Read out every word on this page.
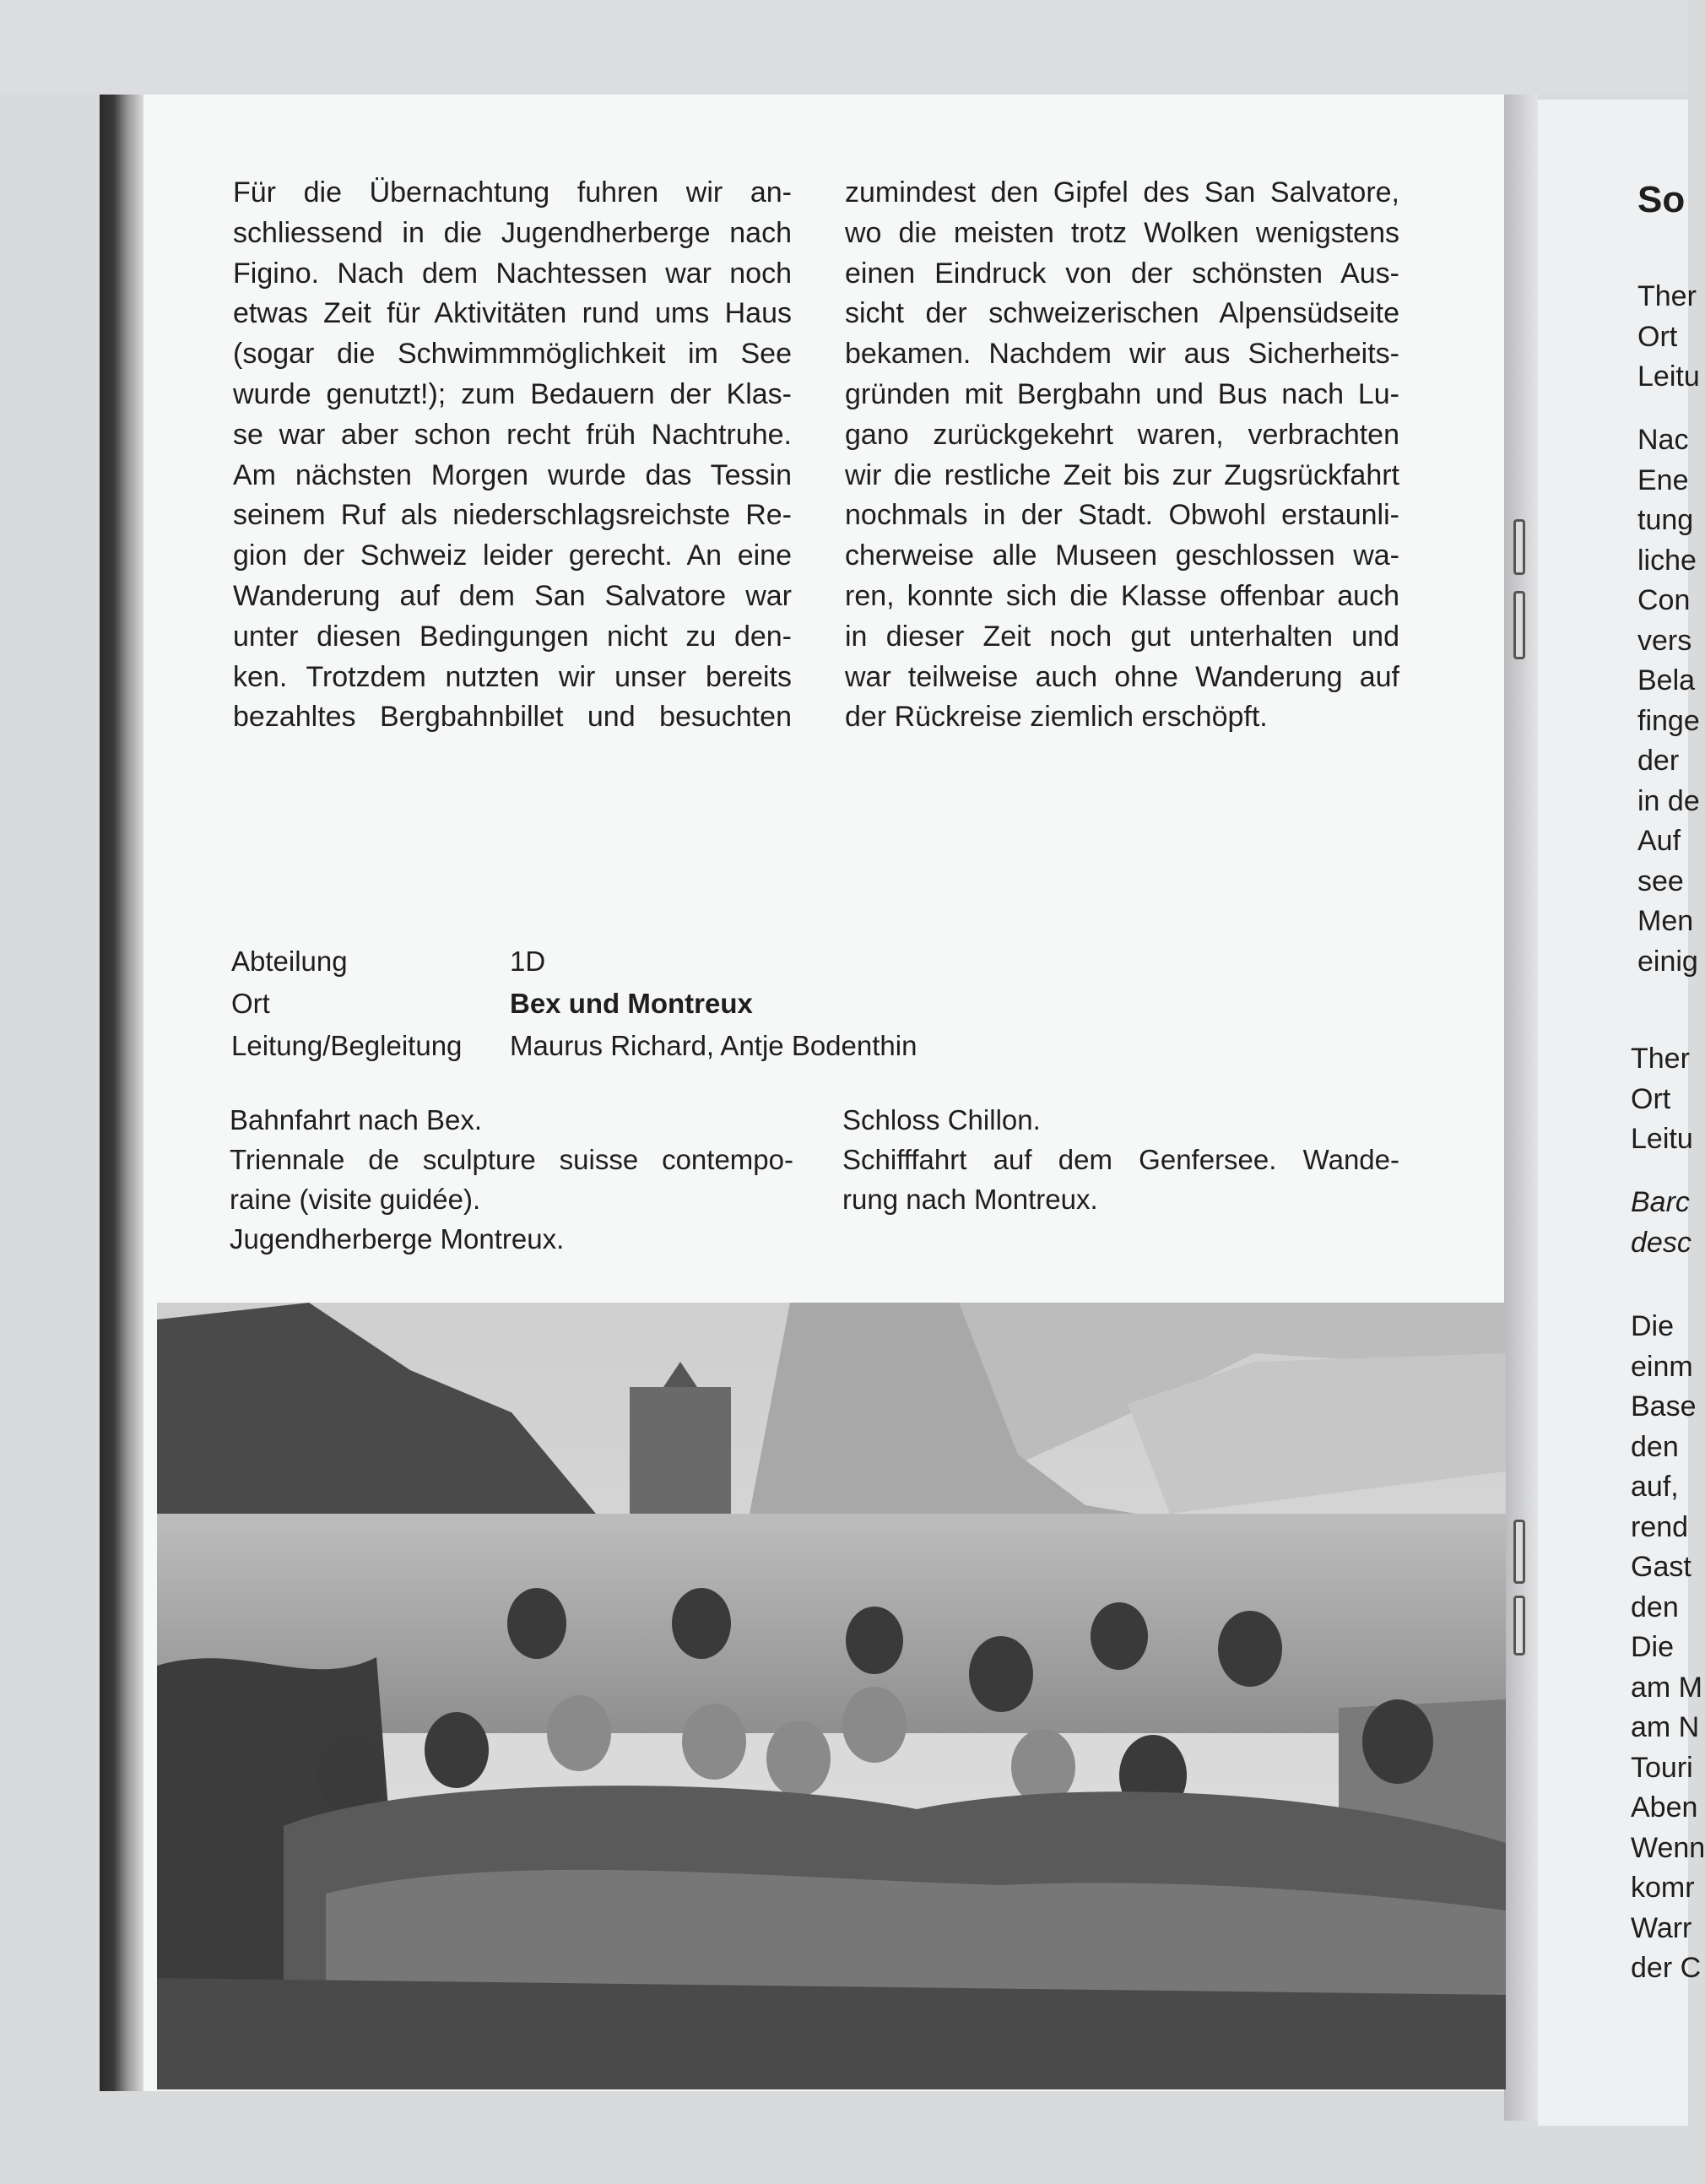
Für die Übernachtung fuhren wir an-
schliessend in die Jugendherberge nach
Figino. Nach dem Nachtessen war noch
etwas Zeit für Aktivitäten rund ums Haus
(sogar die Schwimmmöglichkeit im See
wurde genutzt!); zum Bedauern der Klas-
se war aber schon recht früh Nachtruhe.
Am nächsten Morgen wurde das Tessin
seinem Ruf als niederschlagsreichste Re-
gion der Schweiz leider gerecht. An eine
Wanderung auf dem San Salvatore war
unter diesen Bedingungen nicht zu den-
ken. Trotzdem nutzten wir unser bereits
bezahltes Bergbahnbillet und besuchten
zumindest den Gipfel des San Salvatore,
wo die meisten trotz Wolken wenigstens
einen Eindruck von der schönsten Aus-
sicht der schweizerischen Alpensüdseite
bekamen. Nachdem wir aus Sicherheits-
gründen mit Bergbahn und Bus nach Lu-
gano zurückgekehrt waren, verbrachten
wir die restliche Zeit bis zur Zugsrückfahrt
nochmals in der Stadt. Obwohl erstaunli-
cherweise alle Museen geschlossen wa-
ren, konnte sich die Klasse offenbar auch
in dieser Zeit noch gut unterhalten und
war teilweise auch ohne Wanderung auf
der Rückreise ziemlich erschöpft.
Abteilung	1D
Ort	Bex und Montreux
Leitung/Begleitung Maurus Richard, Antje Bodenthin
Bahnfahrt nach Bex.
Triennale de sculpture suisse contempo-
raine (visite guidée).
Jugendherberge Montreux.
Schloss Chillon.
Schifffahrt auf dem Genfersee. Wande-
rung nach Montreux.
So
Ther
Ort
Leitu
Nac
Ene
tung
liche
Con
vers
Bela
finge
der
in de
Auf
see
Men
einig
Ther
Ort
Leitu
Barc
desc
Die
einm
Base
den
auf,
rend
Gast
den
Die
am M
am N
Touri
Aben
Wenn
komr
Warr
der C
